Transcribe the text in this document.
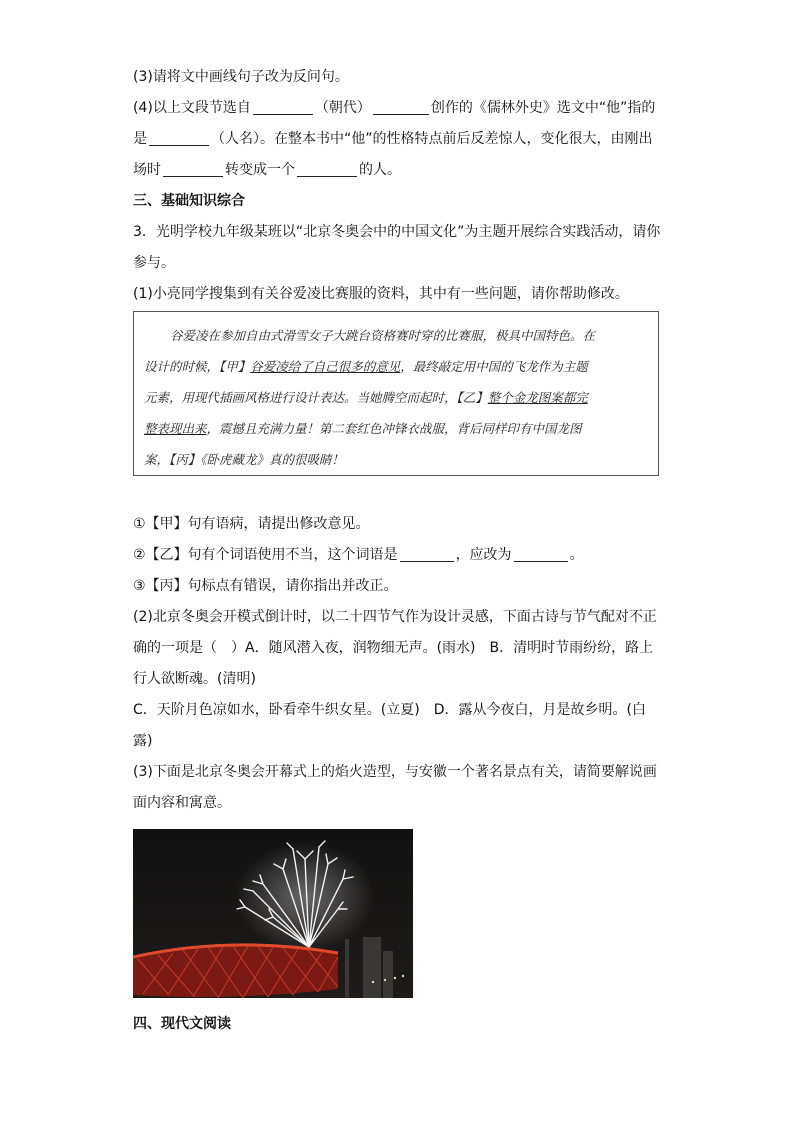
(3)请将文中画线句子改为反问句。
(4)以上文段节选自	（朝代）	创作的《儒林外史》选文中“他”指的
是	（人名）。在整本书中“他”的性格特点前后反差惊人，变化很大，由刚出
场时	转变成一个	的人。
三、基础知识综合
3．光明学校九年级某班以“北京冬奥会中的中国文化”为主题开展综合实践活动，请你
参与。
(1)小亮同学搜集到有关谷爱凌比赛服的资料，其中有一些问题，请你帮助修改。
谷爱凌在参加自由式滑雪女子大跳台资格赛时穿的比赛服，极具中国特色。在
设计的时候，【甲】谷爱凌给了自己很多的意见，最终敲定用中国的飞龙作为主题
元素，用现代插画风格进行设计表达。当她腾空而起时，【乙】整个金龙图案都完
整表现出来，震撼且充满力量！第二套红色冲锋衣战服，背后同样印有中国龙图
案，【丙】《卧虎藏龙》真的很吸睛！
①【甲】句有语病，请提出修改意见。
②【乙】句有个词语使用不当，这个词语是	，应改为	。
③【丙】句标点有错误，请你指出并改正。
(2)北京冬奥会开模式倒计时，以二十四节气作为设计灵感，下面古诗与节气配对不正
确的一项是（　）A．随风潜入夜，润物细无声。(雨水)　B．清明时节雨纷纷，路上
行人欲断魂。(清明)
C．天阶月色凉如水，卧看牵牛织女星。(立夏)　D．露从今夜白，月是故乡明。(白
露)
(3)下面是北京冬奥会开幕式上的焰火造型，与安徽一个著名景点有关，请简要解说画
面内容和寓意。
四、现代文阅读
